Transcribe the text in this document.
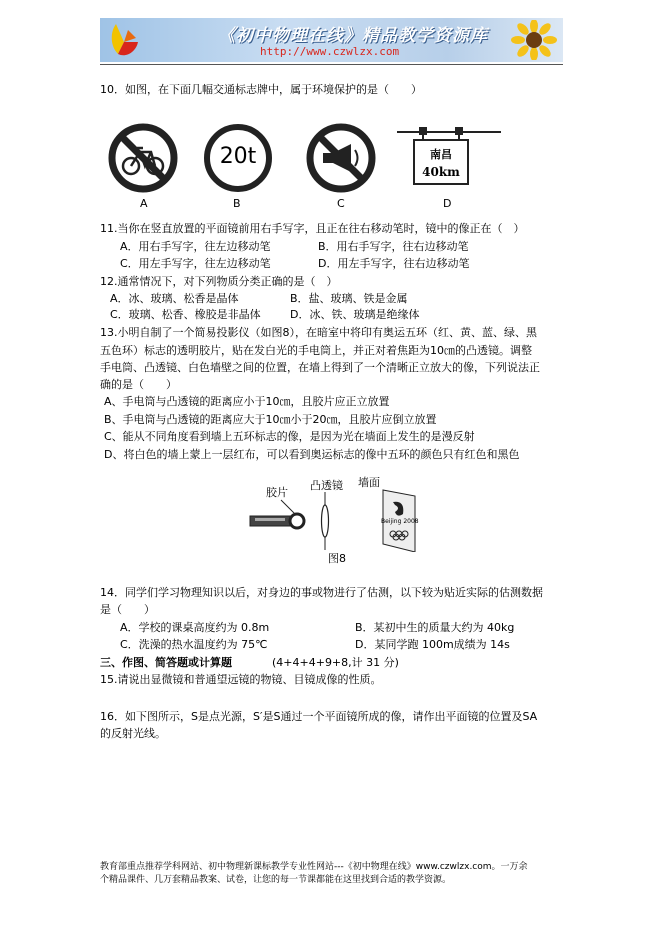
《初中物理在线》精品教学资源库
http://www.czwlzx.com
10．如图，在下面几幅交通标志牌中，属于环境保护的是（　　）
A
20t
B	C
南昌
40km
D
11.当你在竖直放置的平面镜前用右手写字，且正在往右移动笔时，镜中的像正在（　）
A．用右手写字，往左边移动笔	B．用右手写字，往右边移动笔
C．用左手写字，往左边移动笔	D．用左手写字，往右边移动笔
12.通常情况下，对下列物质分类正确的是（　）
A．冰、玻璃、松香是晶体	B．盐、玻璃、铁是金属
C．玻璃、松香、橡胶是非晶体	D．冰、铁、玻璃是绝缘体
13.小明自制了一个简易投影仪（如图8），在暗室中将印有奥运五环（红、黄、蓝、绿、黑
五色环）标志的透明胶片，贴在发白光的手电筒上，并正对着焦距为10㎝的凸透镜。调整
手电筒、凸透镜、白色墙壁之间的位置，在墙上得到了一个清晰正立放大的像，下列说法正
确的是（　　）
A、手电筒与凸透镜的距离应小于10㎝，且胶片应正立放置
B、手电筒与凸透镜的距离应大于10㎝小于20㎝，且胶片应倒立放置
C、能从不同角度看到墙上五环标志的像，是因为光在墙面上发生的是漫反射
D、将白色的墙上蒙上一层红布，可以看到奥运标志的像中五环的颜色只有红色和黑色
胶片
凸透镜 墙面
Beijing 2008
图8
14．同学们学习物理知识以后，对身边的事或物进行了估测，以下较为贴近实际的估测数据
是（　　）
A．学校的课桌高度约为 0.8m	B．某初中生的质量大约为 40kg
C．洗澡的热水温度约为 75℃	D．某同学跑 100m成绩为 14s
三、作图、简答题或计算题	(4+4+4+9+8,计 31 分)
15.请说出显微镜和普通望远镜的物镜、目镜成像的性质。
16．如下图所示，S是点光源，S′是S通过一个平面镜所成的像，请作出平面镜的位置及SA
的反射光线。
教育部重点推荐学科网站、初中物理新课标教学专业性网站---《初中物理在线》www.czwlzx.com。一万余
个精品课件、几万套精品教案、试卷，让您的每一节课都能在这里找到合适的教学资源。
